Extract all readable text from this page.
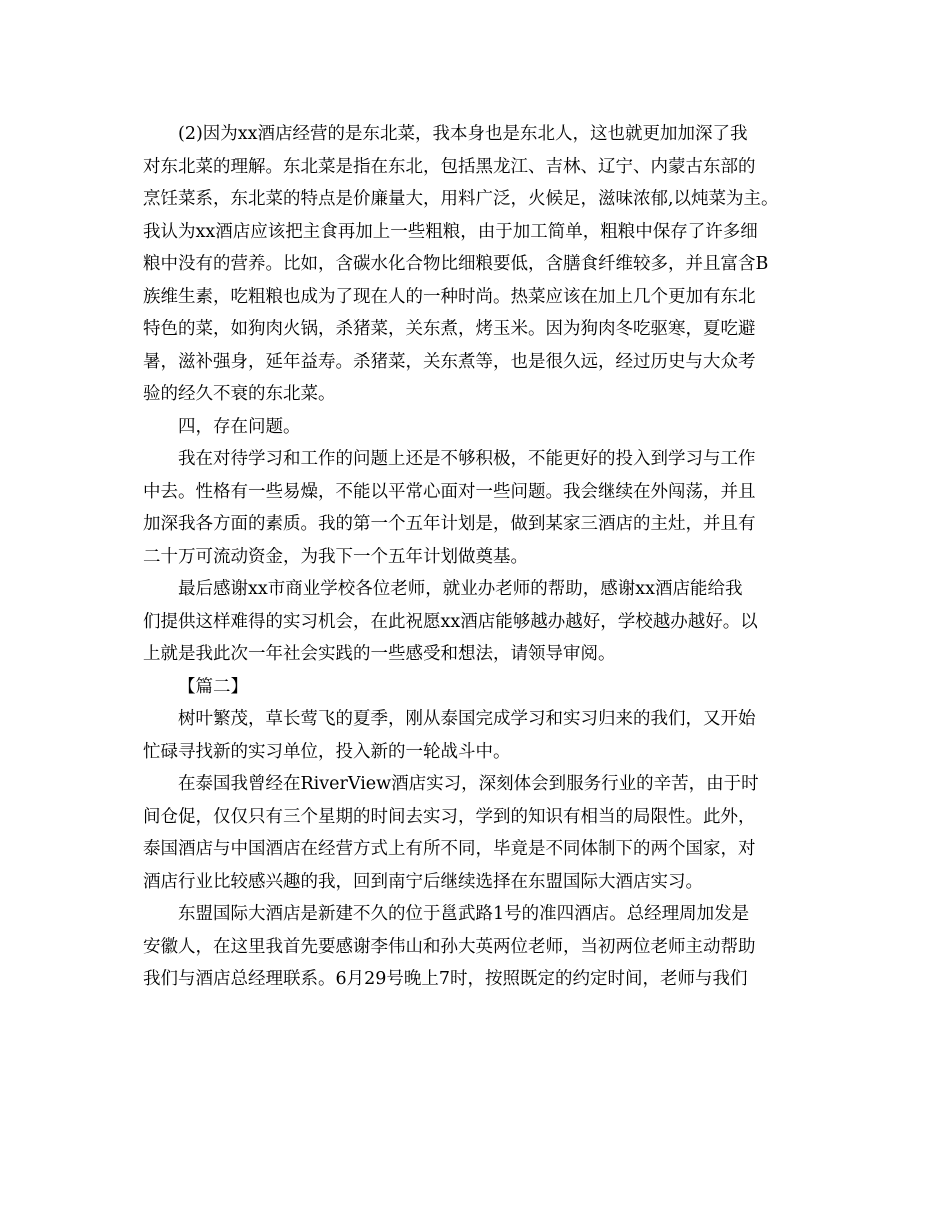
(2)因为xx酒店经营的是东北菜，我本身也是东北人，这也就更加加深了我
对东北菜的理解。东北菜是指在东北，包括黑龙江、吉林、辽宁、内蒙古东部的
烹饪菜系，东北菜的特点是价廉量大，用料广泛，火候足，滋味浓郁,以炖菜为主。
我认为xx酒店应该把主食再加上一些粗粮，由于加工简单，粗粮中保存了许多细
粮中没有的营养。比如，含碳水化合物比细粮要低，含膳食纤维较多，并且富含B
族维生素，吃粗粮也成为了现在人的一种时尚。热菜应该在加上几个更加有东北
特色的菜，如狗肉火锅，杀猪菜，关东煮，烤玉米。因为狗肉冬吃驱寒，夏吃避
暑，滋补强身，延年益寿。杀猪菜，关东煮等，也是很久远，经过历史与大众考
验的经久不衰的东北菜。
四，存在问题。
我在对待学习和工作的问题上还是不够积极，不能更好的投入到学习与工作
中去。性格有一些易燥，不能以平常心面对一些问题。我会继续在外闯荡，并且
加深我各方面的素质。我的第一个五年计划是，做到某家三酒店的主灶，并且有
二十万可流动资金，为我下一个五年计划做奠基。
最后感谢xx市商业学校各位老师，就业办老师的帮助，感谢xx酒店能给我
们提供这样难得的实习机会，在此祝愿xx酒店能够越办越好，学校越办越好。以
上就是我此次一年社会实践的一些感受和想法，请领导审阅。
【篇二】
树叶繁茂，草长莺飞的夏季，刚从泰国完成学习和实习归来的我们，又开始
忙碌寻找新的实习单位，投入新的一轮战斗中。
在泰国我曾经在RiverView酒店实习，深刻体会到服务行业的辛苦，由于时
间仓促，仅仅只有三个星期的时间去实习，学到的知识有相当的局限性。此外，
泰国酒店与中国酒店在经营方式上有所不同，毕竟是不同体制下的两个国家，对
酒店行业比较感兴趣的我，回到南宁后继续选择在东盟国际大酒店实习。
东盟国际大酒店是新建不久的位于邕武路1号的准四酒店。总经理周加发是
安徽人，在这里我首先要感谢李伟山和孙大英两位老师，当初两位老师主动帮助
我们与酒店总经理联系。6月29号晚上7时，按照既定的约定时间，老师与我们
